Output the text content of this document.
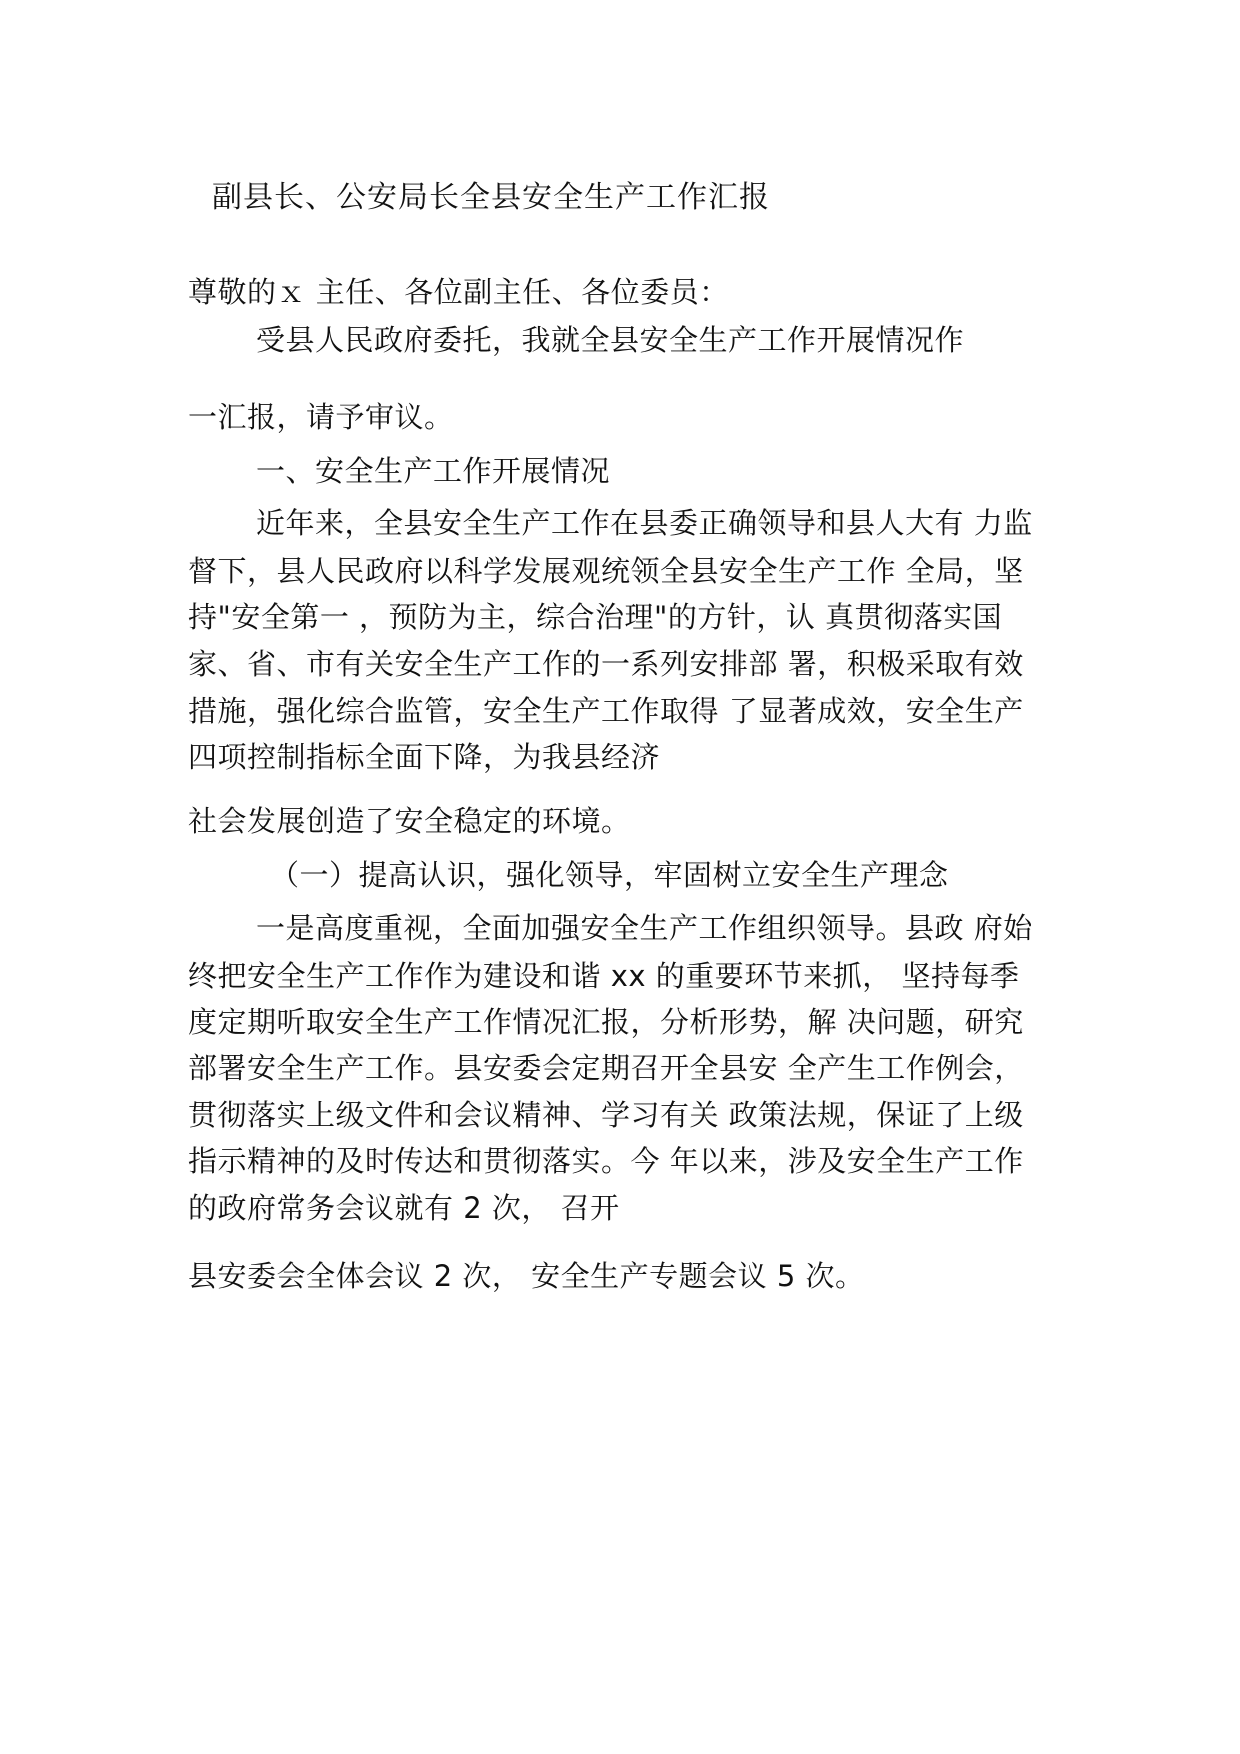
副县长、公安局长全县安全生产工作汇报
尊敬的ｘ 主任、各位副主任、各位委员：
受县人民政府委托，我就全县安全生产工作开展情况作
一汇报，请予审议。
一、安全生产工作开展情况
近年来，全县安全生产工作在县委正确领导和县人大有 力监
督下，县人民政府以科学发展观统领全县安全生产工作 全局，坚
持"安全第一 ，预防为主，综合治理"的方针，认 真贯彻落实国
家、省、市有关安全生产工作的一系列安排部 署，积极采取有效
措施，强化综合监管，安全生产工作取得 了显著成效，安全生产
四项控制指标全面下降，为我县经济
社会发展创造了安全稳定的环境。
（一）提高认识，强化领导，牢固树立安全生产理念
一是高度重视，全面加强安全生产工作组织领导。县政 府始
终把安全生产工作作为建设和谐 xx 的重要环节来抓， 坚持每季
度定期听取安全生产工作情况汇报，分析形势，解 决问题，研究
部署安全生产工作。县安委会定期召开全县安 全产生工作例会，
贯彻落实上级文件和会议精神、学习有关 政策法规，保证了上级
指示精神的及时传达和贯彻落实。今 年以来，涉及安全生产工作
的政府常务会议就有 2 次， 召开
县安委会全体会议 2 次， 安全生产专题会议 5 次。
